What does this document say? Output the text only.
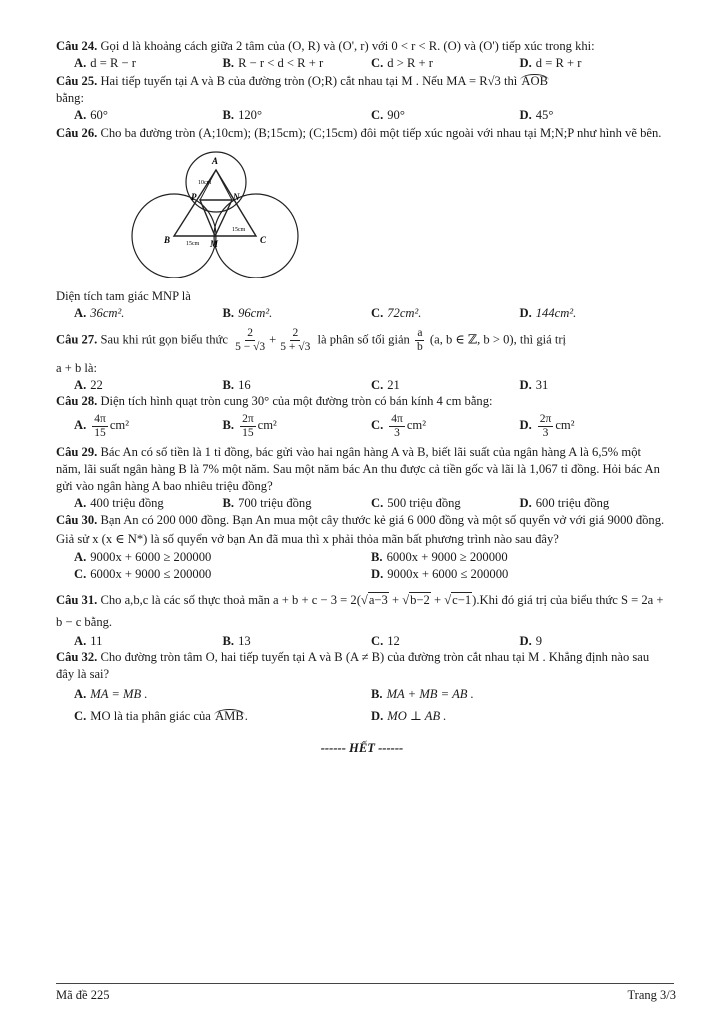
Câu 24. Gọi d là khoảng cách giữa 2 tâm của (O, R) và (O', r) với 0 < r < R. (O) và (O') tiếp xúc trong khi:

A. d = R − r	B. R − r < d < R + r	C. d > R + r	D. d = R + r

Câu 25. Hai tiếp tuyến tại A và B của đường tròn (O;R) cắt nhau tại M . Nếu MA = R√3 thì AOB
bằng:

A. 60°	B. 120°	C. 90°	D. 45°

Câu 26. Cho ba đường tròn (A;10cm); (B;15cm); (C;15cm) đôi một tiếp xúc ngoài với nhau tại M;N;P như hình vẽ bên.

A
B	C
M
N
P
10cm
15cm
15cm

Diện tích tam giác MNP là

A. 36cm².	B. 96cm².	C. 72cm².	D. 144cm².

Câu 27. Sau khi rút gọn biểu thức $\frac{2}{5 - √3} + \frac{2}{5 + √3}$ là phân số tối giản $\frac{a}{b} (a$, b ∈ ℤ, b > 0), thì giá trị

a + b là:

A. 22	B. 16	C. 21	D. 31

Câu 28. Diện tích hình quạt tròn cung 30° của một đường tròn có bán kính 4 cm bằng:

A. $\frac{4\pi}{15} cm^2$	B. $\frac{2\pi}{15} cm^2$	C. $\frac{4\pi}{3} cm^2$	D. $\frac{2\pi}{3} cm^2$

Câu 29. Bác An có số tiền là 1 tỉ đồng, bác gửi vào hai ngân hàng A và B, biết lãi suất của ngân hàng A là 6,5% một năm, lãi suất ngân hàng B là 7% một năm. Sau một năm bác An thu được cả tiền gốc và lãi là 1,067 tỉ đồng. Hỏi bác An gửi vào ngân hàng A bao nhiêu triệu đồng?

A. 400 triệu đồng	B. 700 triệu đồng	C. 500 triệu đồng	D. 600 triệu đồng

Câu 30. Bạn An có 200 000 đồng. Bạn An mua một cây thước kẻ giá 6 000 đồng và một số quyển vở với giá 9000 đồng. Giả sử x (x ∈ N*) là số quyển vở bạn An đã mua thì x phải thỏa mãn bất phương trình nào sau đây?

A. 9000x + 6000 ≥ 200000	B. 6000x + 9000 ≥ 200000
C. 6000x + 9000 ≤ 200000	D. 9000x + 6000 ≤ 200000

Câu 31. Cho a,b,c là các số thực thoả mãn a + b + c − 3 = 2(√a−3 + √b−2 + √c−1).Khi đó giá trị của biểu thức S = 2a + b − c bằng.

A. 11	B. 13	C. 12	D. 9

Câu 32. Cho đường tròn tâm O, hai tiếp tuyến tại A và B (A ≠ B) của đường tròn cắt nhau tại M . Khẳng định nào sau đây là sai?

A. MA = MB .	B. MA + MB = AB .
C. MO là tia phân giác của AMB.	D. MO ⊥ AB .
------ HẾT ------
Mã đề 225	Trang 3/3
